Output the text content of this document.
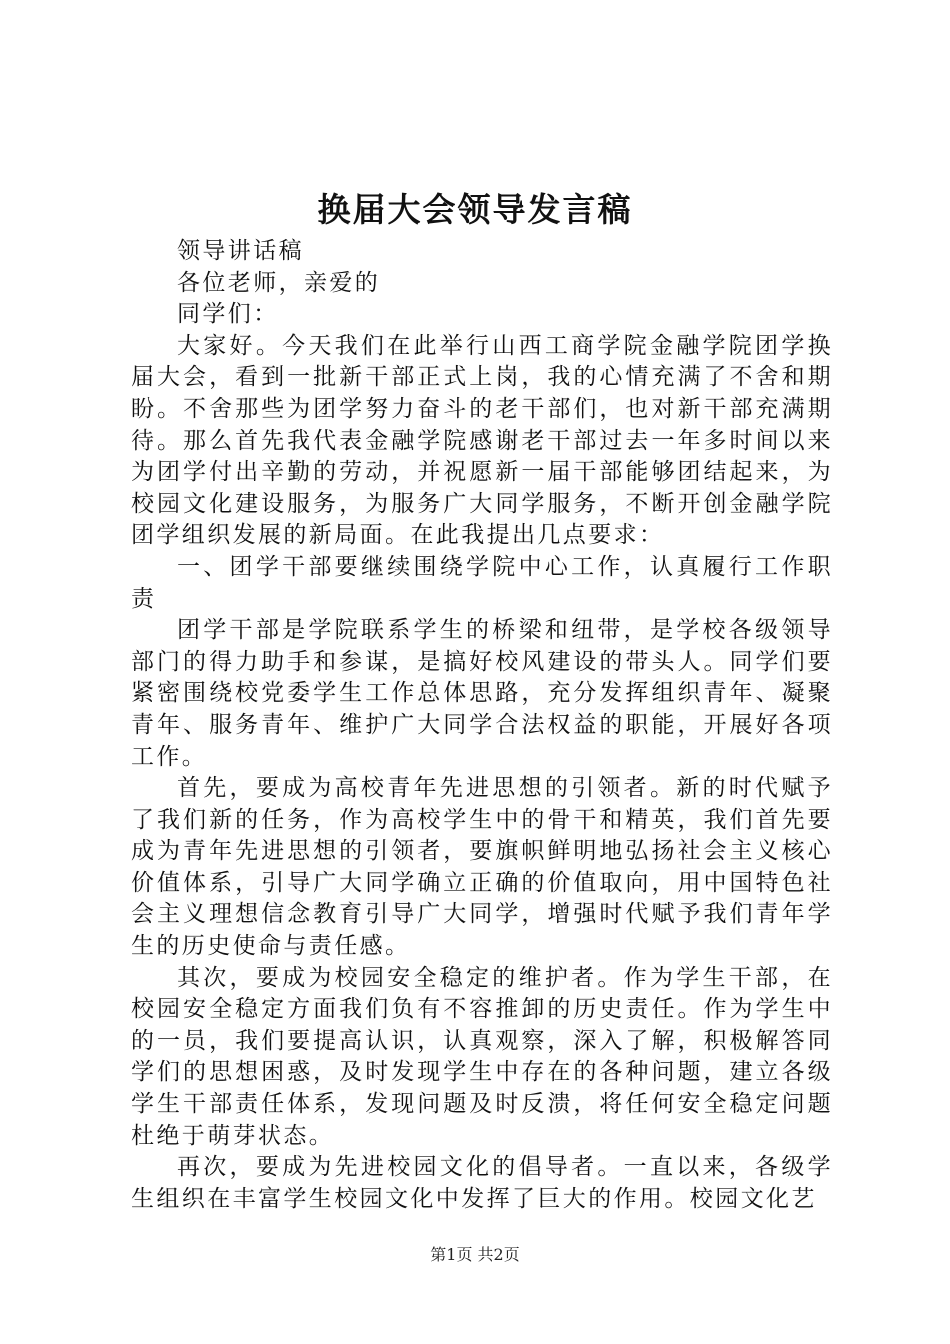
换届大会领导发言稿

领导讲话稿

各位老师，亲爱的

同学们：

大家好。今天我们在此举行山西工商学院金融学院团学换届大会，看到一批新干部正式上岗，我的心情充满了不舍和期盼。不舍那些为团学努力奋斗的老干部们，也对新干部充满期待。那么首先我代表金融学院感谢老干部过去一年多时间以来为团学付出辛勤的劳动，并祝愿新一届干部能够团结起来，为校园文化建设服务，为服务广大同学服务，不断开创金融学院团学组织发展的新局面。在此我提出几点要求：

一、团学干部要继续围绕学院中心工作，认真履行工作职责

团学干部是学院联系学生的桥梁和纽带，是学校各级领导部门的得力助手和参谋，是搞好校风建设的带头人。同学们要紧密围绕校党委学生工作总体思路，充分发挥组织青年、凝聚青年、服务青年、维护广大同学合法权益的职能，开展好各项工作。

首先，要成为高校青年先进思想的引领者。新的时代赋予了我们新的任务，作为高校学生中的骨干和精英，我们首先要成为青年先进思想的引领者，要旗帜鲜明地弘扬社会主义核心价值体系，引导广大同学确立正确的价值取向，用中国特色社会主义理想信念教育引导广大同学，增强时代赋予我们青年学生的历史使命与责任感。

其次，要成为校园安全稳定的维护者。作为学生干部，在校园安全稳定方面我们负有不容推卸的历史责任。作为学生中的一员，我们要提高认识，认真观察，深入了解，积极解答同学们的思想困惑，及时发现学生中存在的各种问题，建立各级学生干部责任体系，发现问题及时反溃，将任何安全稳定问题杜绝于萌芽状态。

再次，要成为先进校园文化的倡导者。一直以来，各级学生组织在丰富学生校园文化中发挥了巨大的作用。校园文化艺

第1页 共2页
